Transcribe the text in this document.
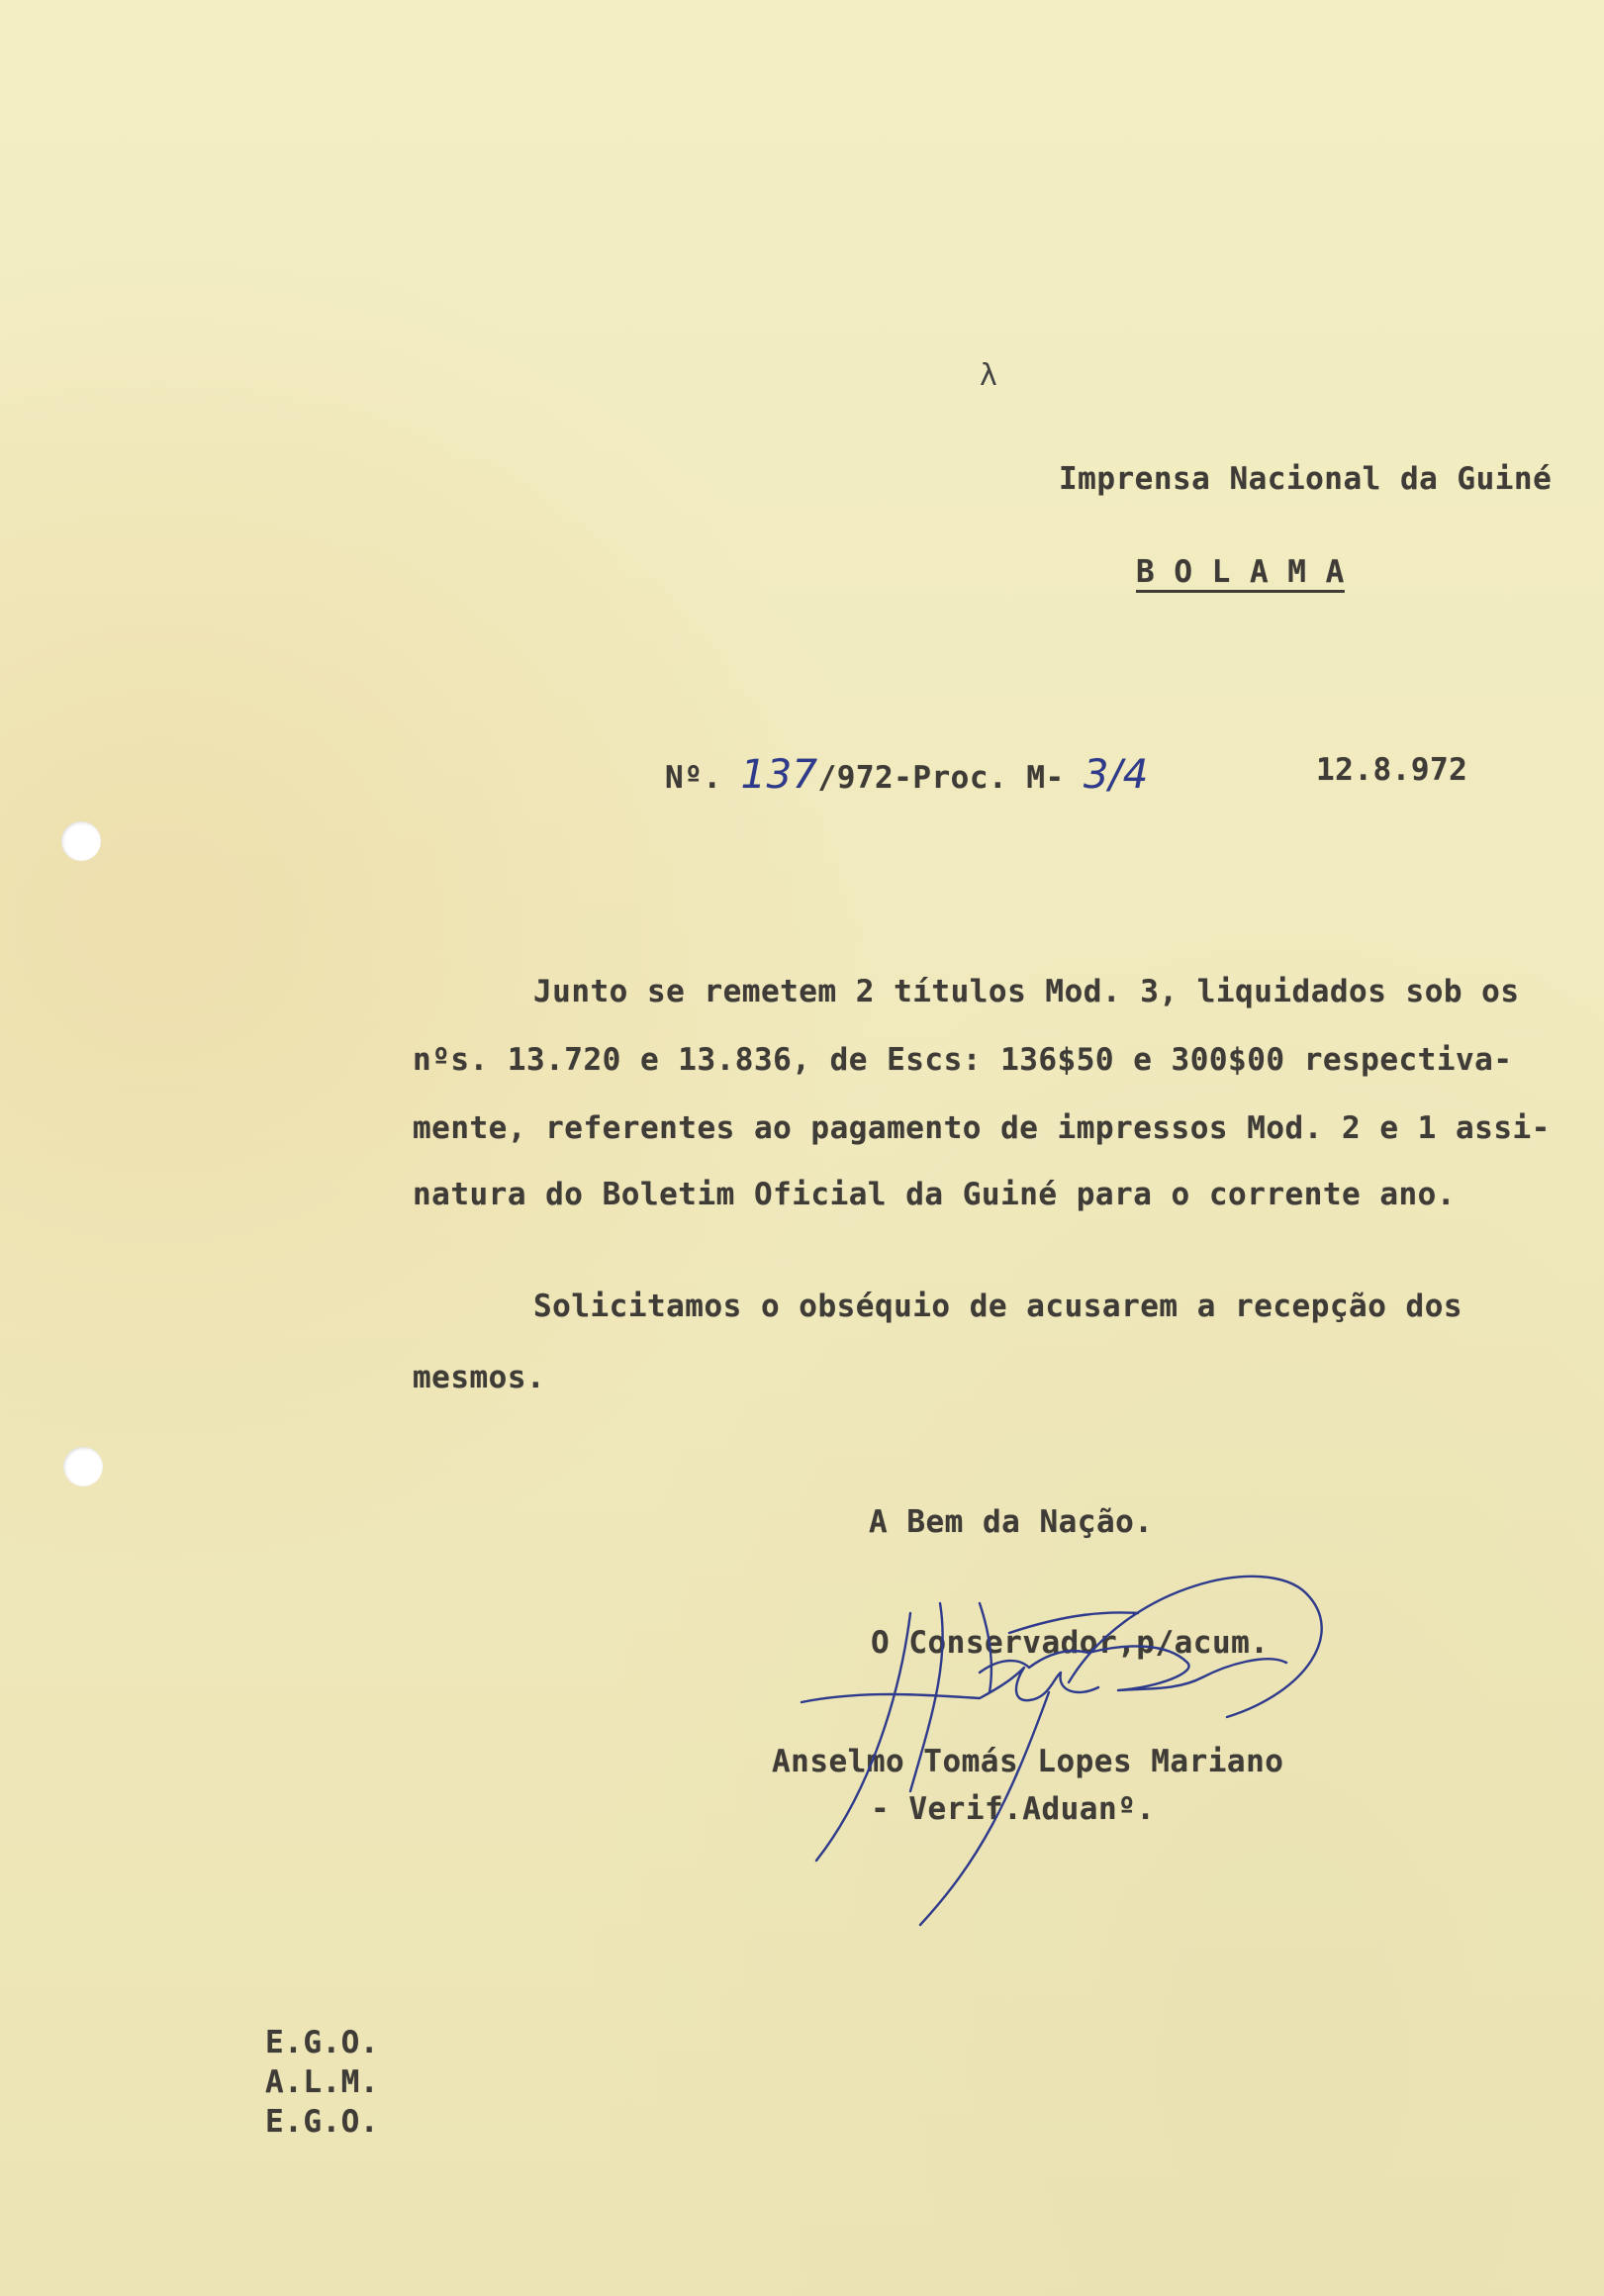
λ
Imprensa Nacional da Guiné
B O L A M A
Nº. 137/972-Proc. M- 3/4	12.8.972
Junto se remetem 2 títulos Mod. 3, liquidados sob os
nºs. 13.720 e 13.836, de Escs: 136$50 e 300$00 respectiva-
mente, referentes ao pagamento de impressos Mod. 2 e 1 assi-
natura do Boletim Oficial da Guiné para o corrente ano.
Solicitamos o obséquio de acusarem a recepção dos
mesmos.
A Bem da Nação.
O Conservador,p/acum.
Anselmo Tomás Lopes Mariano
- Verif.Aduanº.
E.G.O.
A.L.M.
E.G.O.
